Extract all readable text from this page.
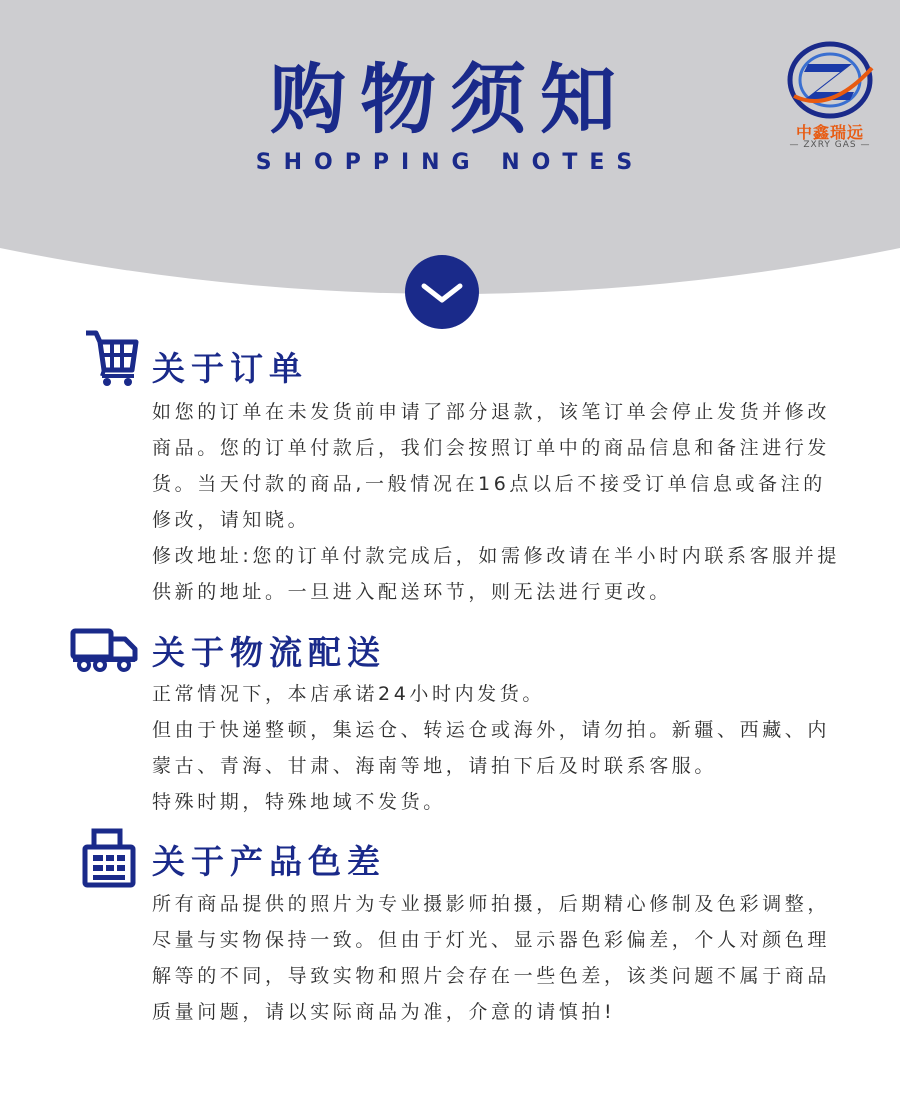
购物须知
SHOPPING NOTES
中鑫瑞远
— ZXRY GAS —
关于订单

如您的订单在未发货前申请了部分退款，该笔订单会停止发货并修改商品。您的订单付款后，我们会按照订单中的商品信息和备注进行发货。当天付款的商品,一般情况在16点以后不接受订单信息或备注的修改，请知晓。

修改地址:您的订单付款完成后，如需修改请在半小时内联系客服并提供新的地址。一旦进入配送环节，则无法进行更改。

关于物流配送

正常情况下，本店承诺24小时内发货。

但由于快递整顿，集运仓、转运仓或海外，请勿拍。新疆、西藏、内蒙古、青海、甘肃、海南等地，请拍下后及时联系客服。

特殊时期，特殊地域不发货。

关于产品色差

所有商品提供的照片为专业摄影师拍摄，后期精心修制及色彩调整，尽量与实物保持一致。但由于灯光、显示器色彩偏差，个人对颜色理解等的不同，导致实物和照片会存在一些色差，该类问题不属于商品质量问题，请以实际商品为准，介意的请慎拍!
